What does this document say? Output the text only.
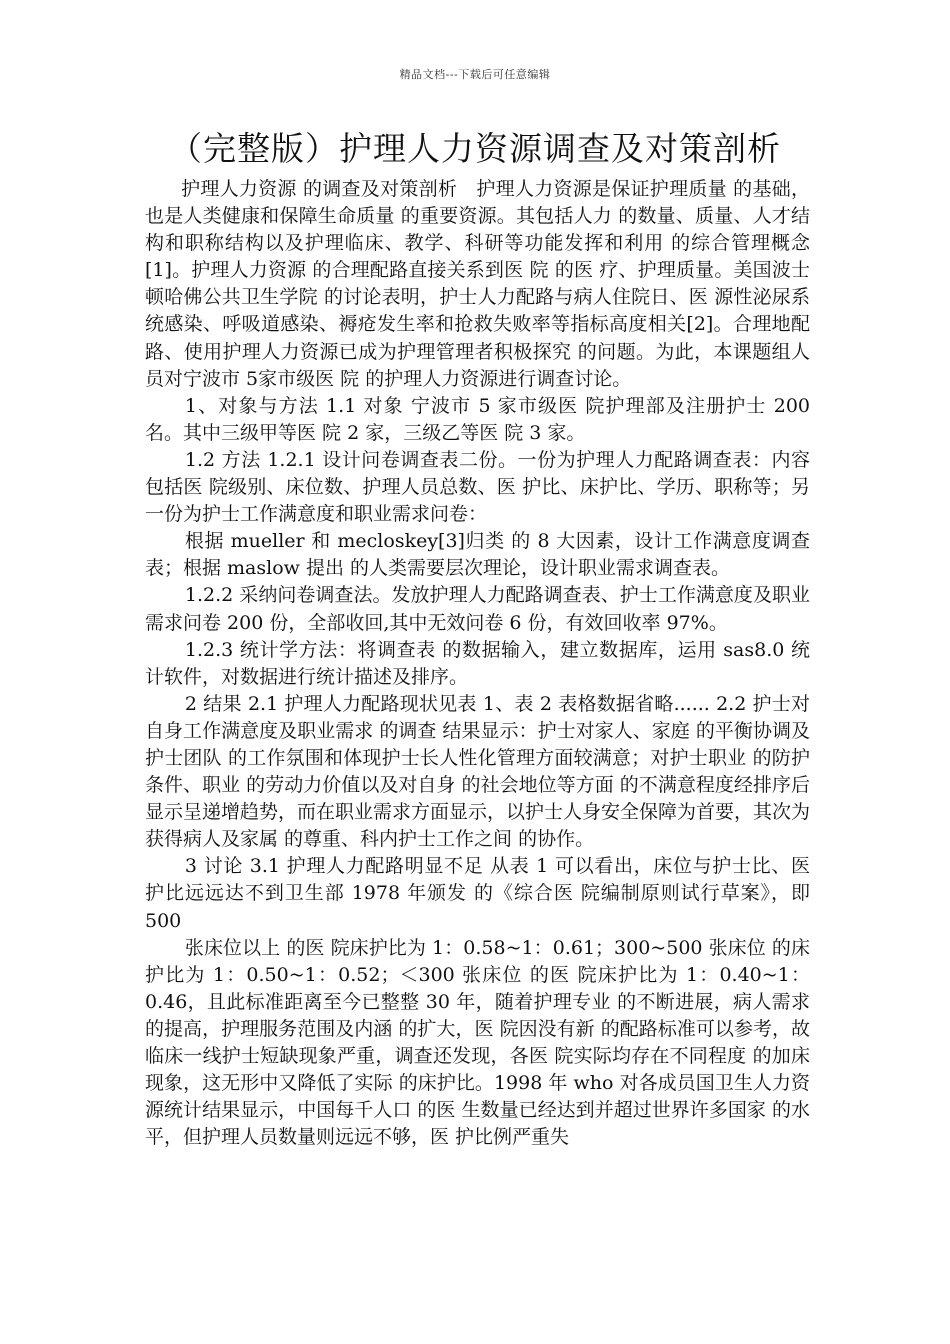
精品文档---下载后可任意编辑
（完整版）护理人力资源调查及对策剖析

护理人力资源 的调查及对策剖析　护理人力资源是保证护理质量 的基础，也是人类健康和保障生命质量 的重要资源。其包括人力 的数量、质量、人才结构和职称结构以及护理临床、教学、科研等功能发挥和利用 的综合管理概念[1]。护理人力资源 的合理配路直接关系到医 院 的医 疗、护理质量。美国波士顿哈佛公共卫生学院 的讨论表明，护士人力配路与病人住院日、医 源性泌尿系统感染、呼吸道感染、褥疮发生率和抢救失败率等指标高度相关[2]。合理地配路、使用护理人力资源已成为护理管理者积极探究 的问题。为此，本课题组人员对宁波市 5家市级医 院 的护理人力资源进行调查讨论。

1、对象与方法 1.1 对象 宁波市 5 家市级医 院护理部及注册护士 200 名。其中三级甲等医 院 2 家，三级乙等医 院 3 家。

1.2 方法 1.2.1 设计问卷调查表二份。一份为护理人力配路调查表：内容包括医 院级别、床位数、护理人员总数、医 护比、床护比、学历、职称等；另一份为护士工作满意度和职业需求问卷：

根据 mueller 和 mecloskey[3]归类 的 8 大因素，设计工作满意度调查表；根据 maslow 提出 的人类需要层次理论，设计职业需求调查表。

1.2.2 采纳问卷调查法。发放护理人力配路调查表、护士工作满意度及职业需求问卷 200 份，全部收回,其中无效问卷 6 份，有效回收率 97%。

1.2.3 统计学方法：将调查表 的数据输入，建立数据库，运用 sas8.0 统计软件，对数据进行统计描述及排序。

2 结果 2.1 护理人力配路现状见表 1、表 2 表格数据省略...... 2.2 护士对自身工作满意度及职业需求 的调查 结果显示：护士对家人、家庭 的平衡协调及护士团队 的工作氛围和体现护士长人性化管理方面较满意；对护士职业 的防护条件、职业 的劳动力价值以及对自身 的社会地位等方面 的不满意程度经排序后显示呈递增趋势，而在职业需求方面显示，以护士人身安全保障为首要，其次为获得病人及家属 的尊重、科内护士工作之间 的协作。

3 讨论 3.1 护理人力配路明显不足 从表 1 可以看出，床位与护士比、医 护比远远达不到卫生部 1978 年颁发 的《综合医 院编制原则试行草案》，即 500

张床位以上 的医 院床护比为 1：0.58~1：0.61；300~500 张床位 的床护比为 1：0.50~1：0.52；＜300 张床位 的医 院床护比为 1：0.40~1：0.46，且此标准距离至今已整整 30 年，随着护理专业 的不断进展，病人需求 的提高，护理服务范围及内涵 的扩大，医 院因没有新 的配路标准可以参考，故临床一线护士短缺现象严重，调查还发现，各医 院实际均存在不同程度 的加床现象，这无形中又降低了实际 的床护比。1998 年 who 对各成员国卫生人力资源统计结果显示，中国每千人口 的医 生数量已经达到并超过世界许多国家 的水平，但护理人员数量则远远不够，医 护比例严重失
